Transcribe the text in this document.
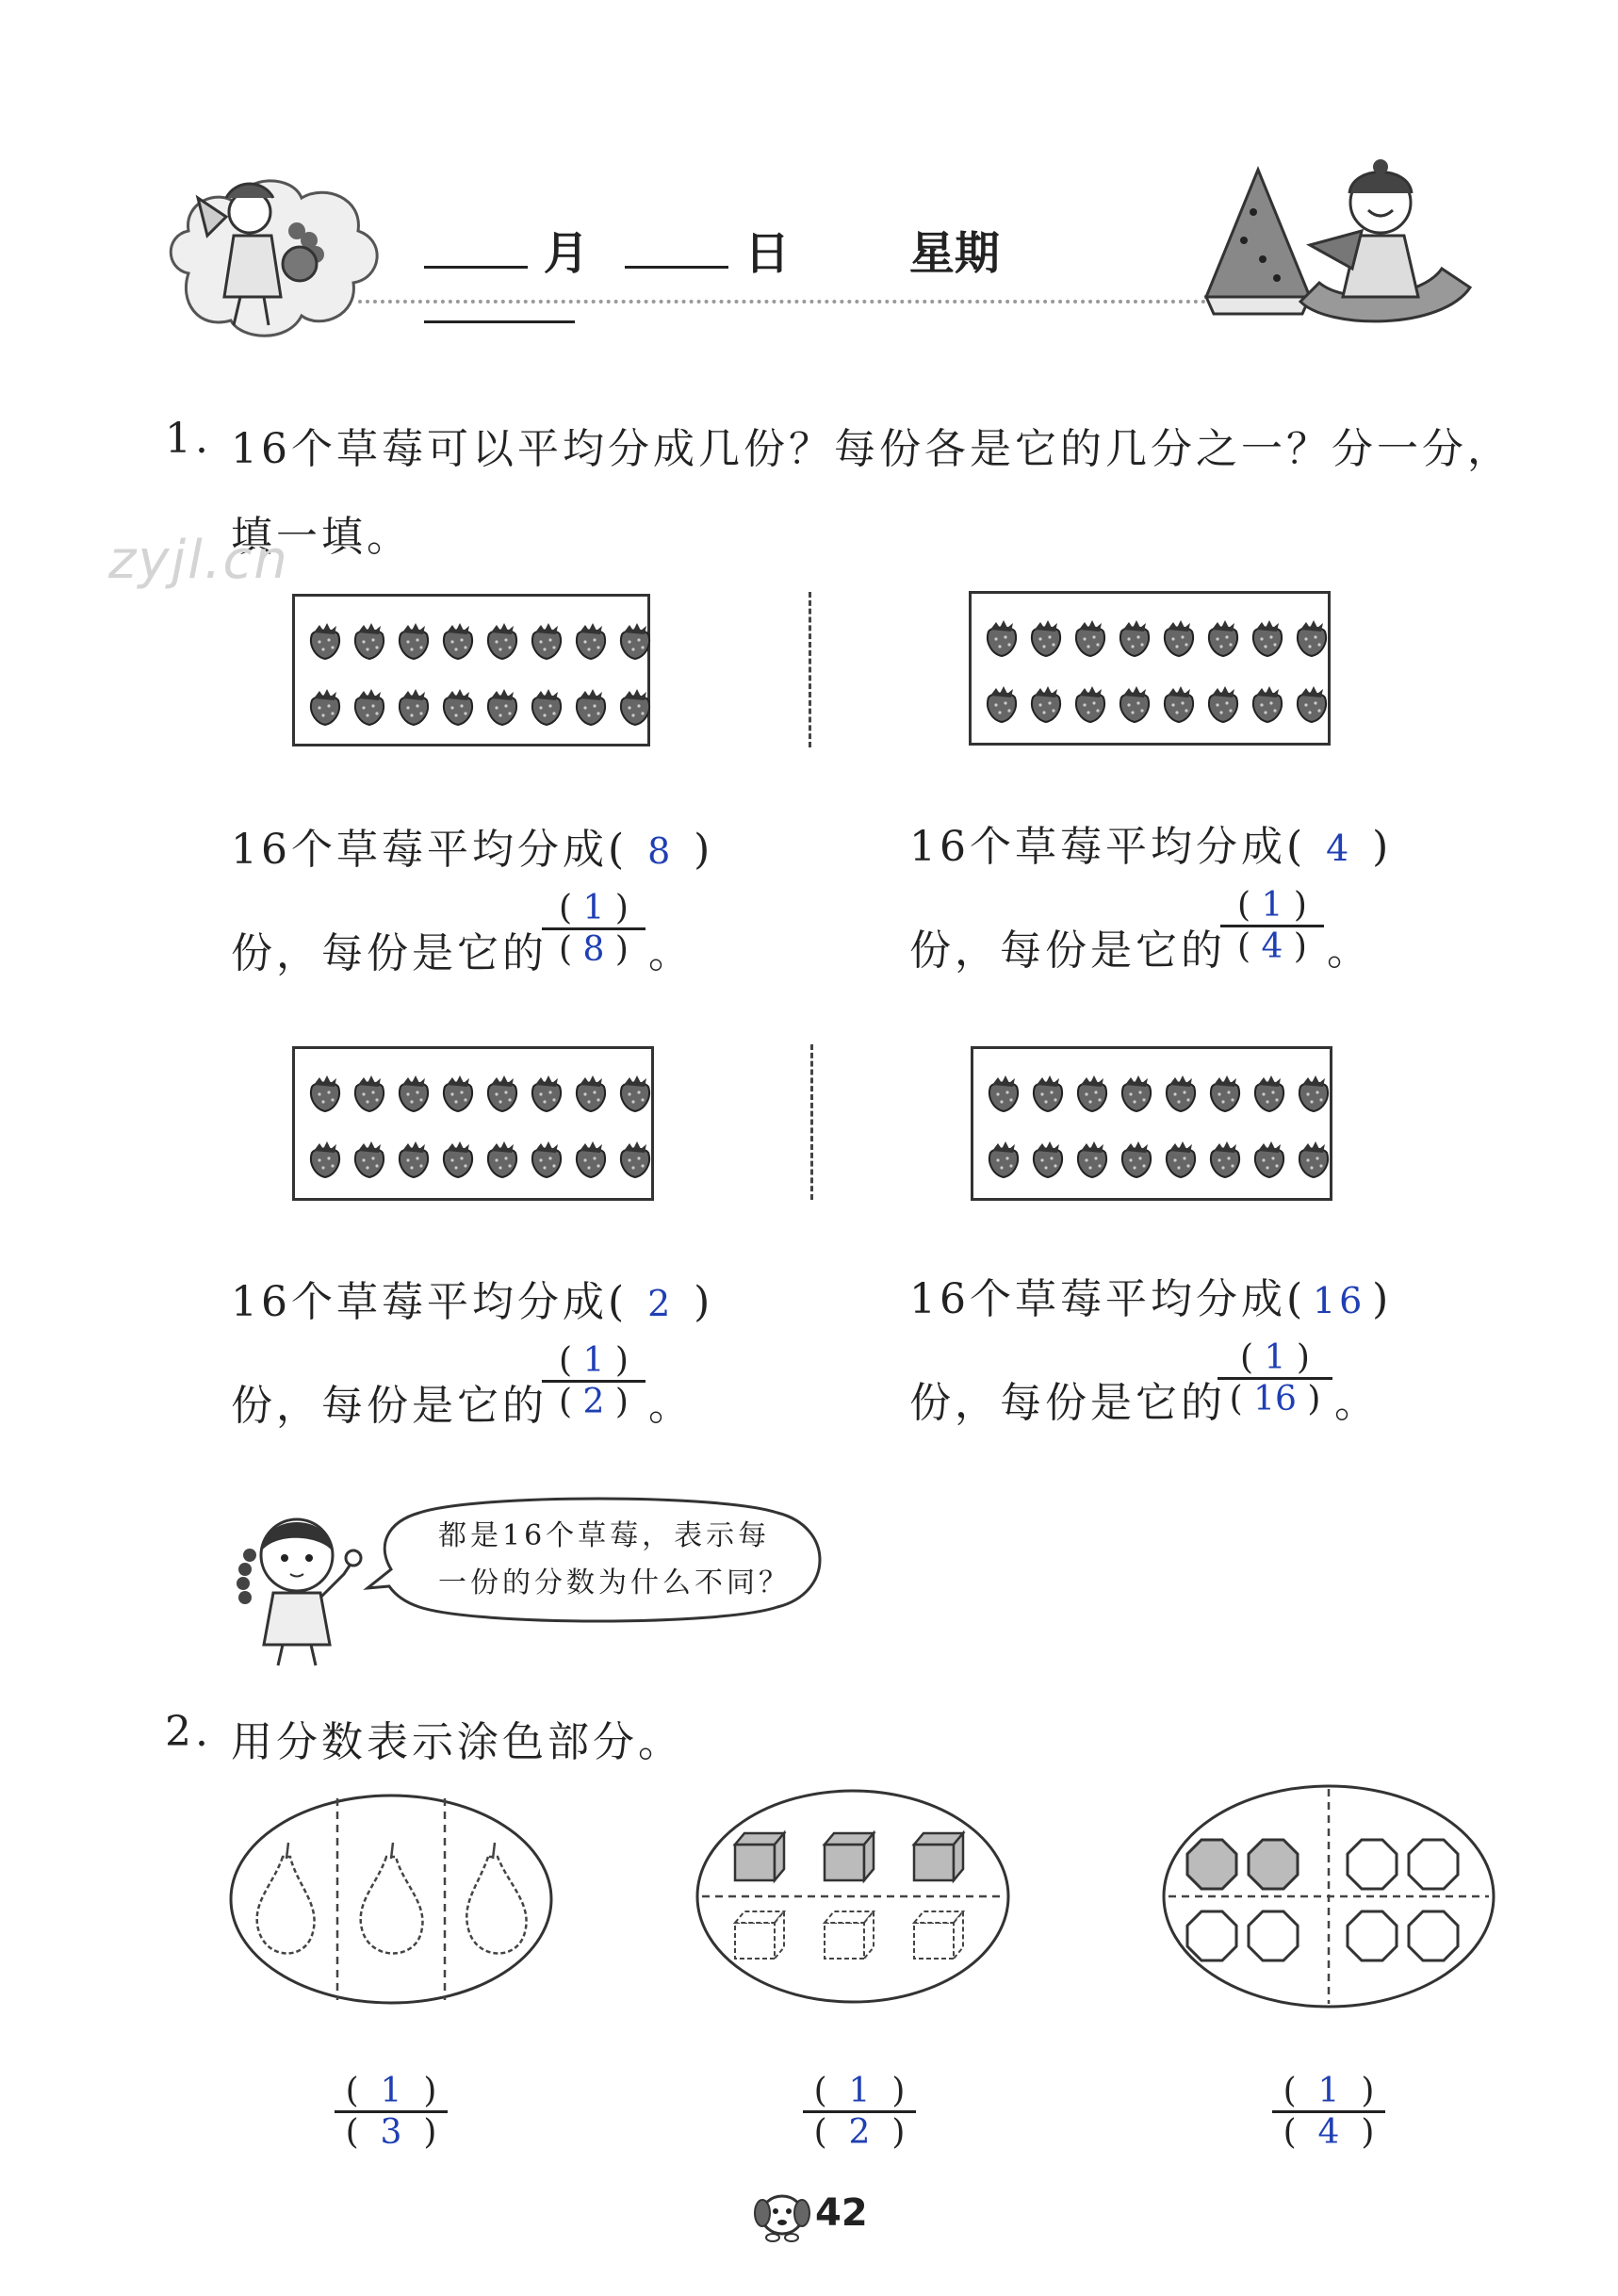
月	日	星期
1. 16个草莓可以平均分成几份？每份各是它的几分之一？分一分，
填一填。
zyjl.cn
16个草莓平均分成( 8 )
份，每份是它的
( 1 )
( 8 ) 。
16个草莓平均分成( 4 )
份，每份是它的
( 1 )
( 4 ) 。
16个草莓平均分成( 2 )
份，每份是它的
( 1 )
( 2 ) 。
16个草莓平均分成( 16 )
份，每份是它的
( 1 )
( 16 ) 。
都是16个草莓，表示每
一份的分数为什么不同？
2. 用分数表示涂色部分。
( 1 )
( 3 )
( 1 )
( 2 )
( 1 )
( 4 )
42
